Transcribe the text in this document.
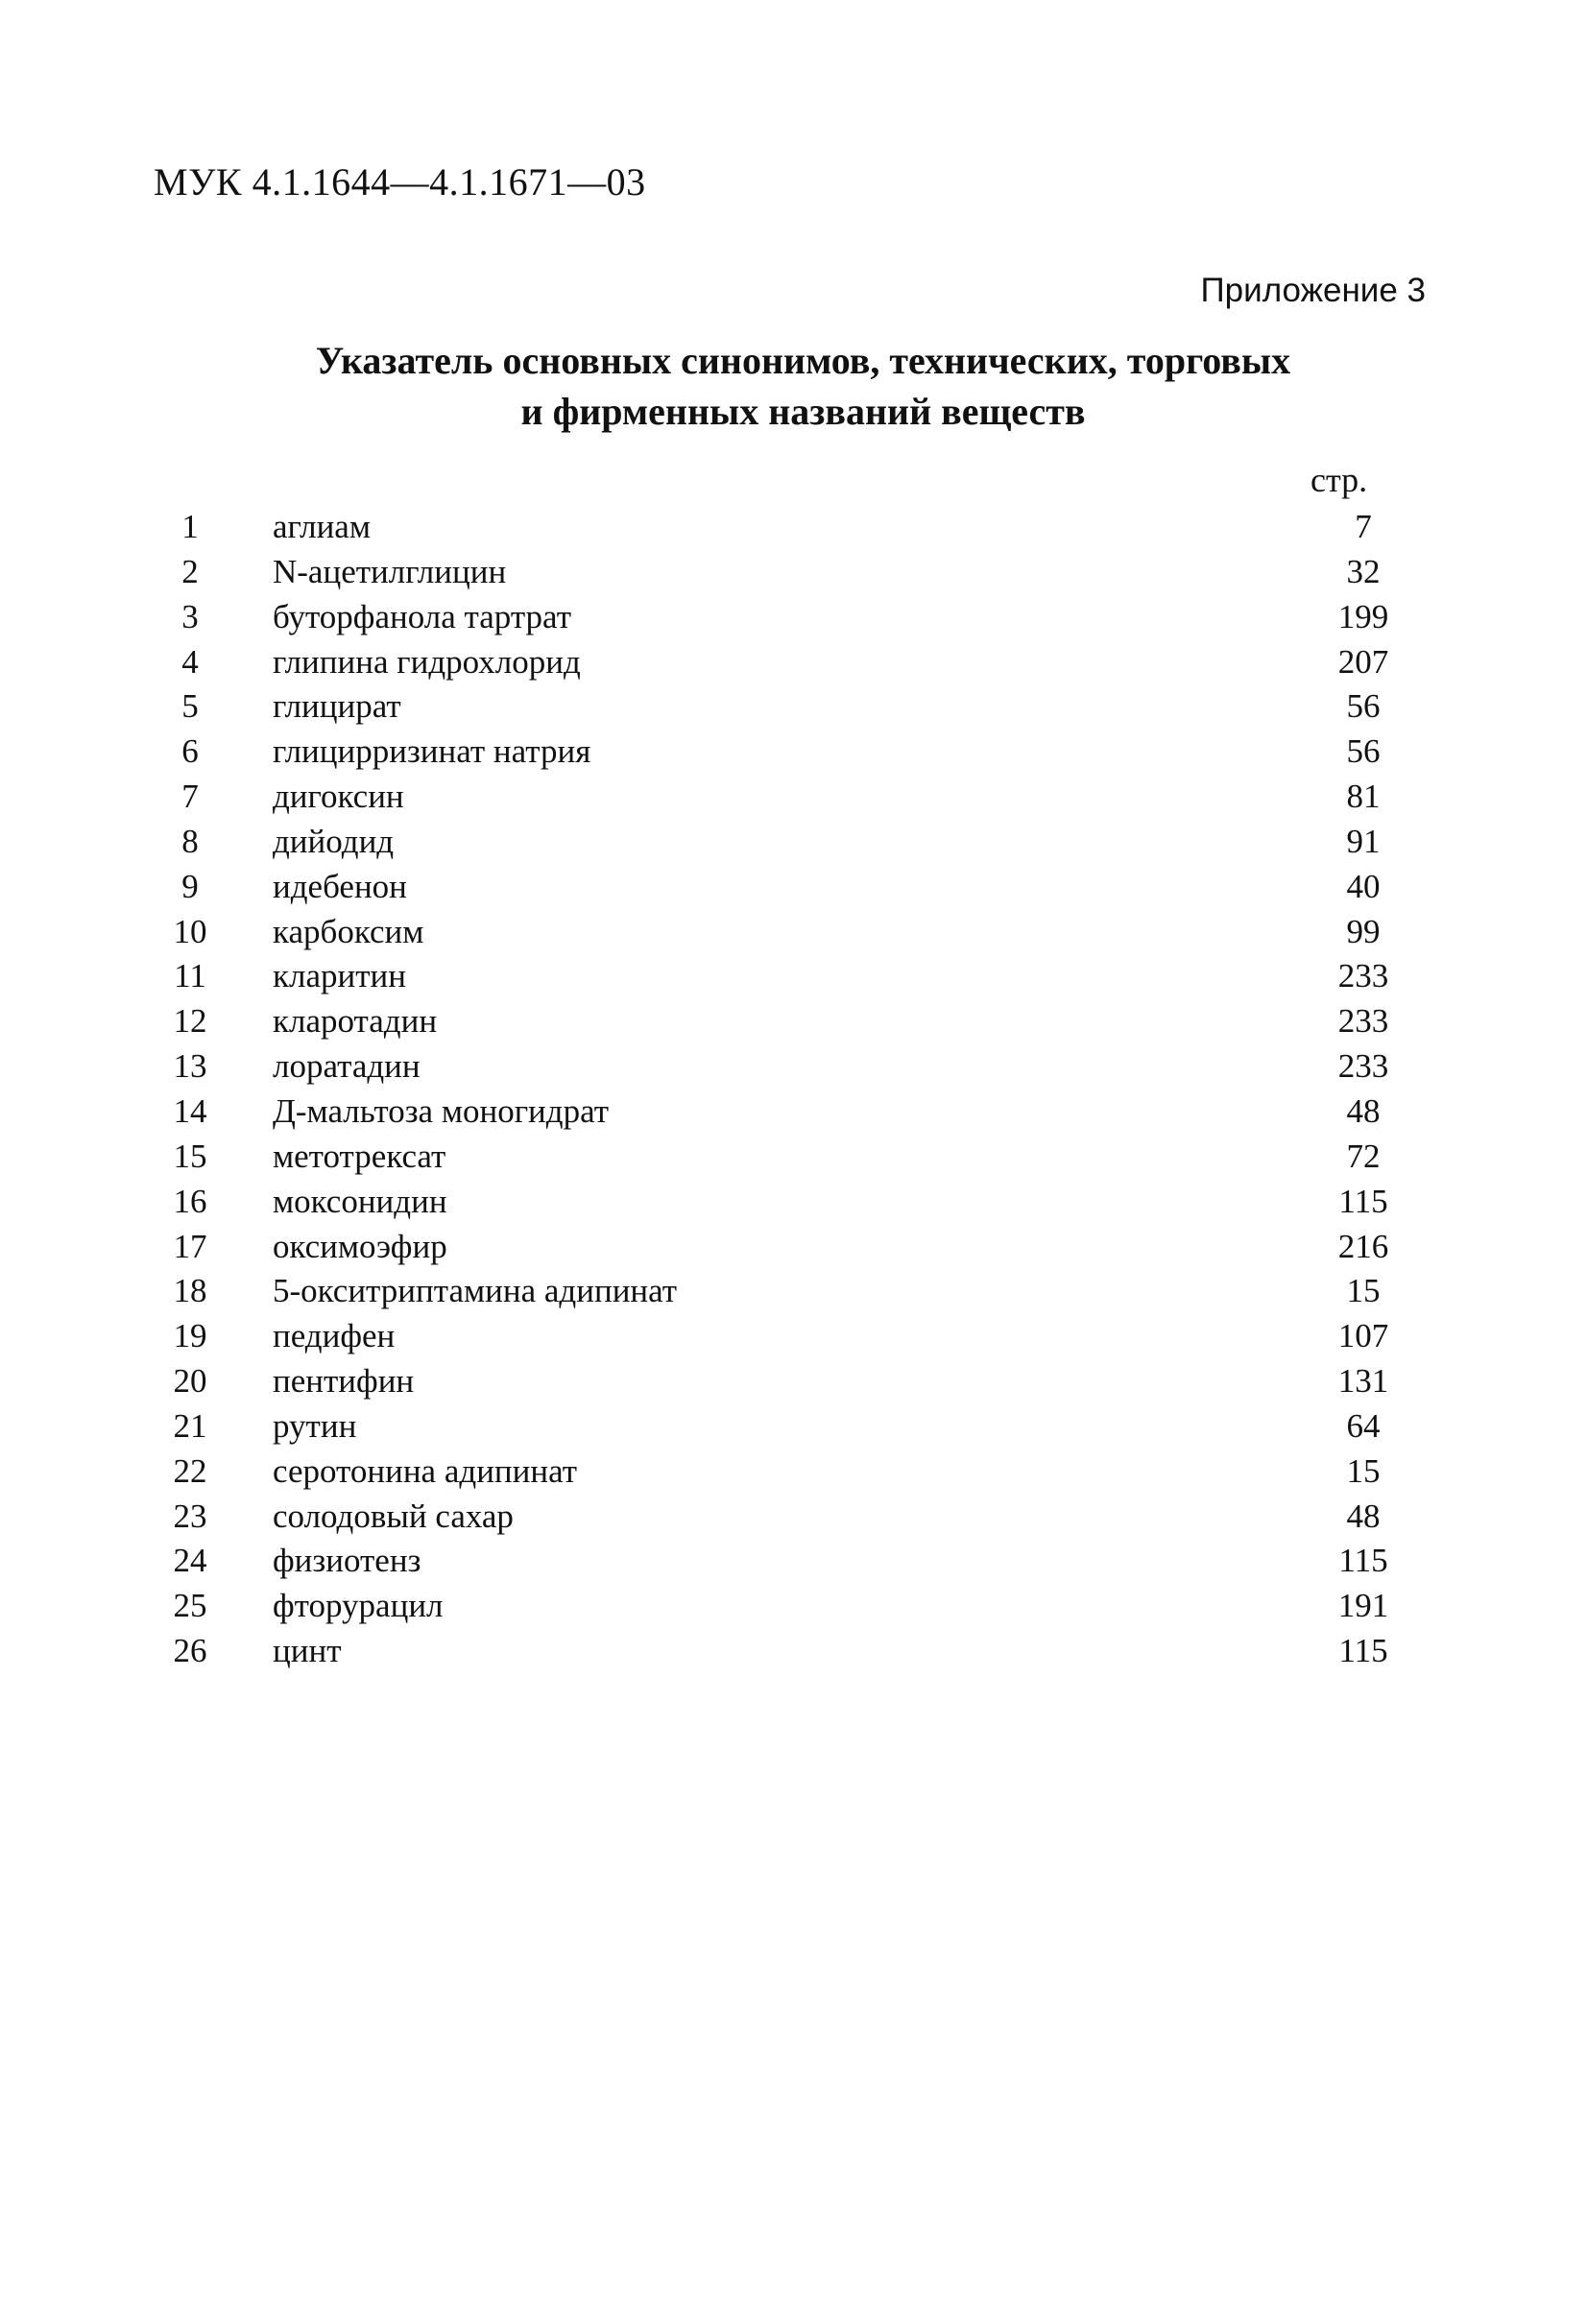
МУК 4.1.1644—4.1.1671—03
Приложение 3
Указатель основных синонимов, технических, торговых
и фирменных названий веществ
стр.
1	аглиам	7
2	N-ацетилглицин	32
3	буторфанола тартрат	199
4	глипина гидрохлорид	207
5	глицират	56
6	глицирризинат натрия	56
7	дигоксин	81
8	дийодид	91
9	идебенон	40
10 карбоксим	99
11 кларитин	233
12 кларотадин	233
13 лоратадин	233
14 Д-мальтоза моногидрат	48
15 метотрексат	72
16 моксонидин	115
17 оксимоэфир	216
18 5-окситриптамина адипинат	15
19 педифен	107
20 пентифин	131
21 рутин	64
22 серотонина адипинат	15
23 солодовый сахар	48
24 физиотенз	115
25 фторурацил	191
26 цинт	115
